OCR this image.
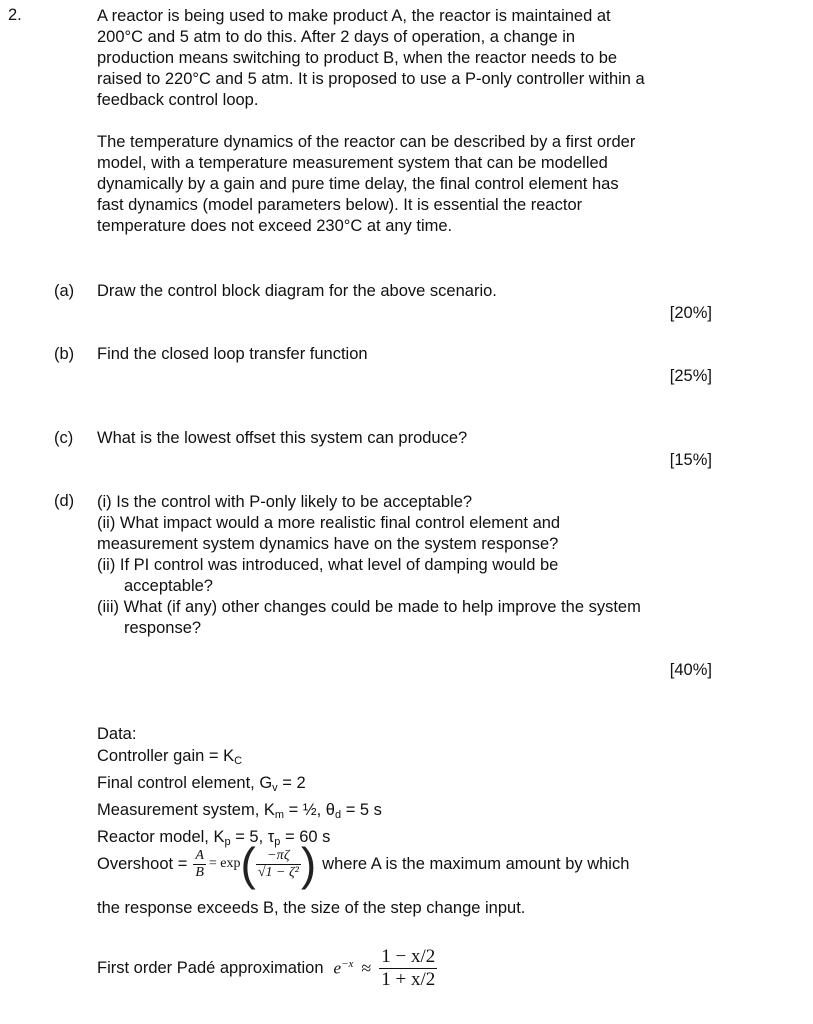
2.	A reactor is being used to make product A, the reactor is maintained at
200°C and 5 atm to do this. After 2 days of operation, a change in
production means switching to product B, when the reactor needs to be
raised to 220°C and 5 atm. It is proposed to use a P-only controller within a
feedback control loop.
The temperature dynamics of the reactor can be described by a first order
model, with a temperature measurement system that can be modelled
dynamically by a gain and pure time delay, the final control element has
fast dynamics (model parameters below). It is essential the reactor
temperature does not exceed 230°C at any time.
(a) Draw the control block diagram for the above scenario.
[20%]
(b) Find the closed loop transfer function
[25%]
(c) What is the lowest offset this system can produce?
[15%]
(d) (i) Is the control with P-only likely to be acceptable?
(ii) What impact would a more realistic final control element and
measurement system dynamics have on the system response?
(ii) If PI control was introduced, what level of damping would be
acceptable?
(iii) What (if any) other changes could be made to help improve the system
response?
[40%]
Data:
Controller gain = $K_C$
Final control element, $G_v = 2$
Measurement system, $K_m$ = ½, $\theta_d = 5$ s
Reactor model, $K_p = 5$, $\tau_p = 60$ s
Overshoot = $\frac{A}{B} = \exp$ ( $\frac{-\pi\zeta}{\text{√1 − ζ²}}$ ) where A is the maximum amount by which
the response exceeds B, the size of the step change input.
First order Padé approximation $e^{-x} \approx \frac{1 - x/2}{1 + x/2}$
